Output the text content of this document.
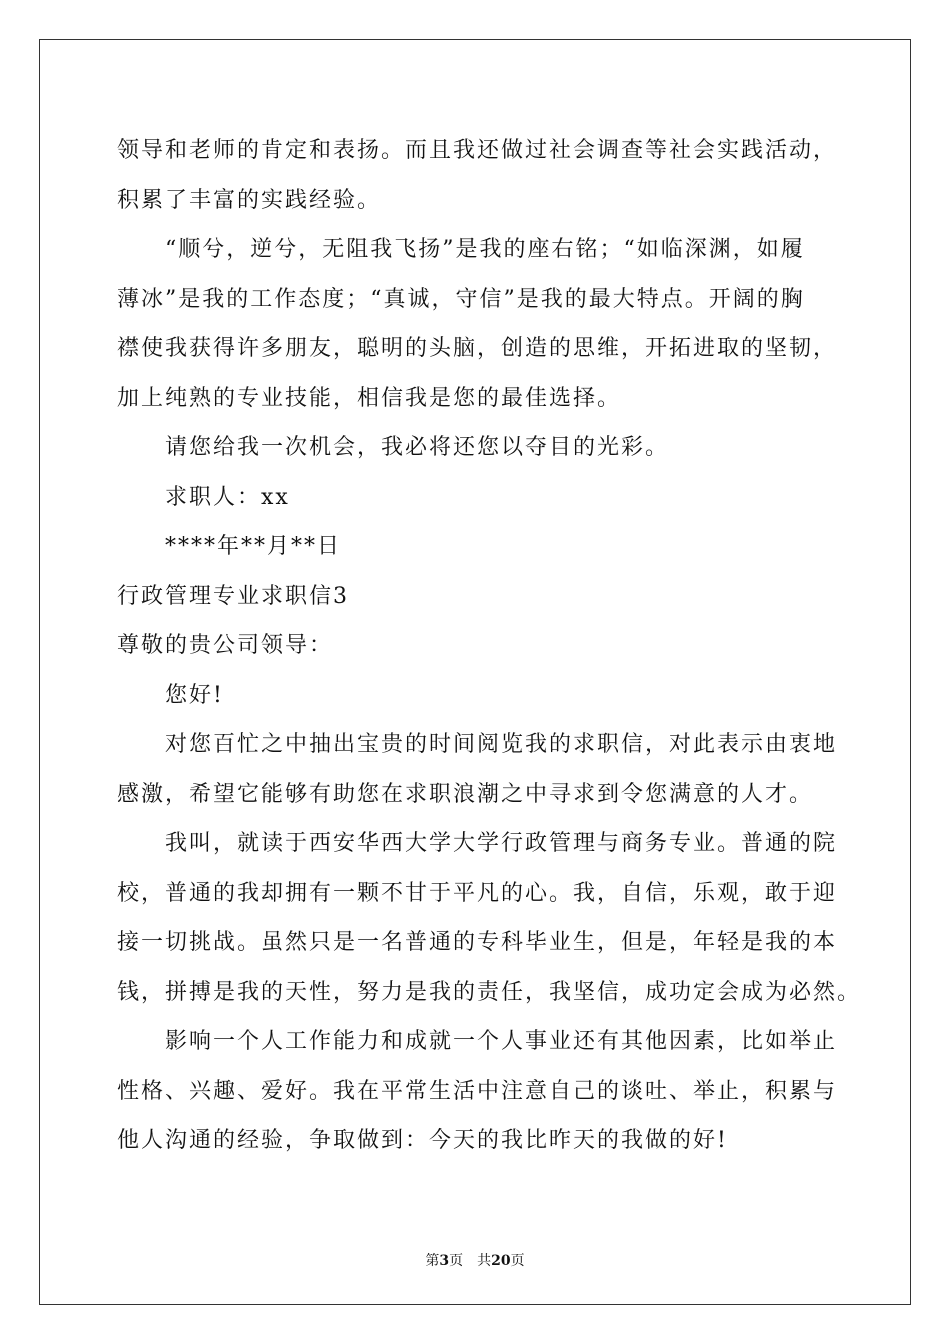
领导和老师的肯定和表扬。而且我还做过社会调查等社会实践活动，
积累了丰富的实践经验。
“顺兮，逆兮，无阻我飞扬”是我的座右铭；“如临深渊，如履
薄冰”是我的工作态度；“真诚，守信”是我的最大特点。开阔的胸
襟使我获得许多朋友，聪明的头脑，创造的思维，开拓进取的坚韧，
加上纯熟的专业技能，相信我是您的最佳选择。
请您给我一次机会，我必将还您以夺目的光彩。
求职人：xx
****年**月**日
行政管理专业求职信3
尊敬的贵公司领导：
您好!
对您百忙之中抽出宝贵的时间阅览我的求职信，对此表示由衷地
感激，希望它能够有助您在求职浪潮之中寻求到令您满意的人才。
我叫，就读于西安华西大学大学行政管理与商务专业。普通的院
校，普通的我却拥有一颗不甘于平凡的心。我，自信，乐观，敢于迎
接一切挑战。虽然只是一名普通的专科毕业生，但是，年轻是我的本
钱，拼搏是我的天性，努力是我的责任，我坚信，成功定会成为必然。
影响一个人工作能力和成就一个人事业还有其他因素，比如举止
性格、兴趣、爱好。我在平常生活中注意自己的谈吐、举止，积累与
他人沟通的经验，争取做到：今天的我比昨天的我做的好!
第3页　共20页
